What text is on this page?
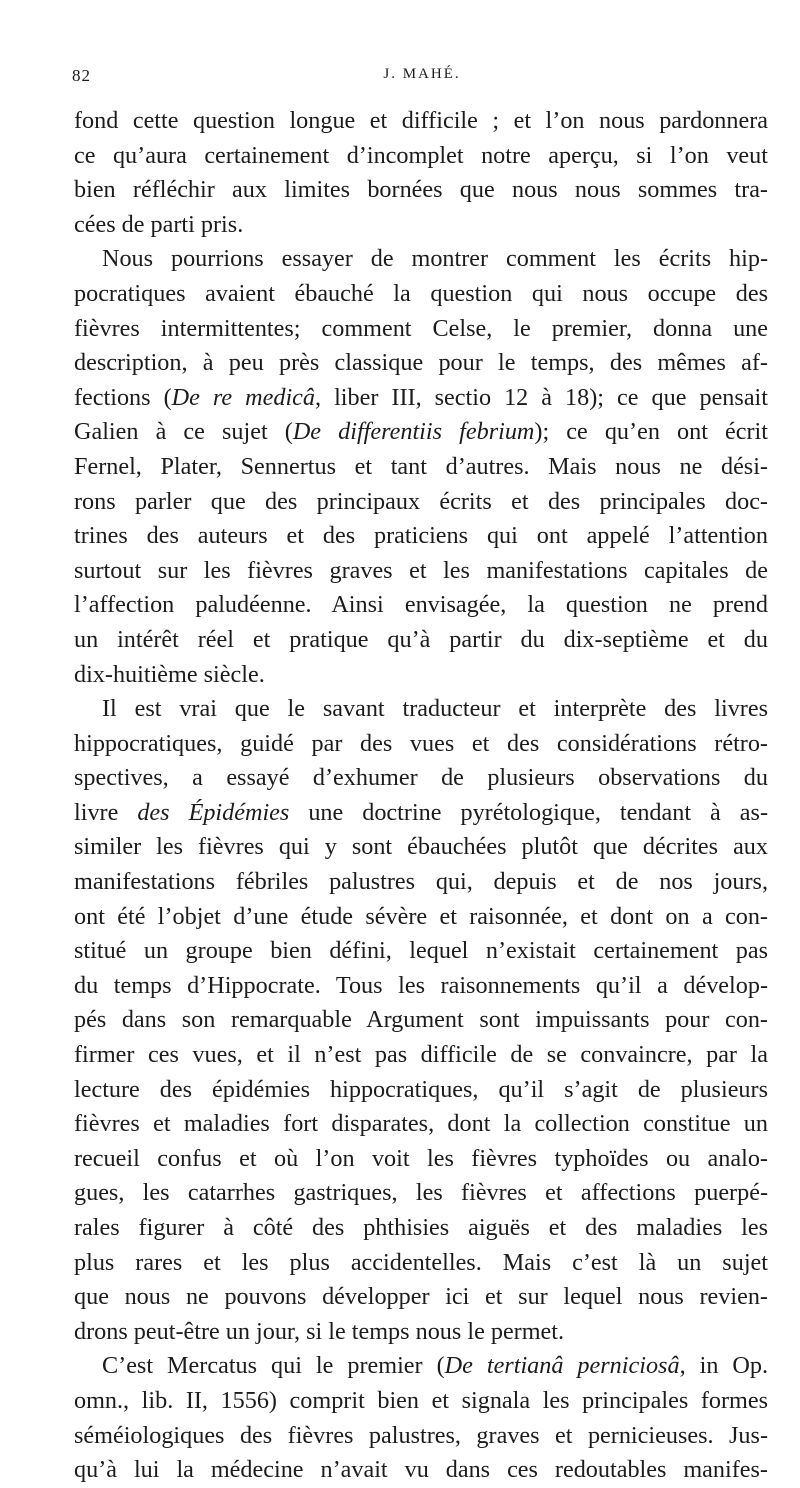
82	J. MAHÉ.
fond cette question longue et difficile ; et l’on nous pardonnera
ce qu’aura certainement d’incomplet notre aperçu, si l’on veut
bien réfléchir aux limites bornées que nous nous sommes tra-
cées de parti pris.
Nous pourrions essayer de montrer comment les écrits hip-
pocratiques avaient ébauché la question qui nous occupe des
fièvres intermittentes; comment Celse, le premier, donna une
description, à peu près classique pour le temps, des mêmes af-
fections (De re medicâ, liber III, sectio 12 à 18); ce que pensait
Galien à ce sujet (De differentiis febrium); ce qu’en ont écrit
Fernel, Plater, Sennertus et tant d’autres. Mais nous ne dési-
rons parler que des principaux écrits et des principales doc-
trines des auteurs et des praticiens qui ont appelé l’attention
surtout sur les fièvres graves et les manifestations capitales de
l’affection paludéenne. Ainsi envisagée, la question ne prend
un intérêt réel et pratique qu’à partir du dix-septième et du
dix-huitième siècle.
Il est vrai que le savant traducteur et interprète des livres
hippocratiques, guidé par des vues et des considérations rétro-
spectives, a essayé d’exhumer de plusieurs observations du
livre des Épidémies une doctrine pyrétologique, tendant à as-
similer les fièvres qui y sont ébauchées plutôt que décrites aux
manifestations fébriles palustres qui, depuis et de nos jours,
ont été l’objet d’une étude sévère et raisonnée, et dont on a con-
stitué un groupe bien défini, lequel n’existait certainement pas
du temps d’Hippocrate. Tous les raisonnements qu’il a dévelop-
pés dans son remarquable Argument sont impuissants pour con-
firmer ces vues, et il n’est pas difficile de se convaincre, par la
lecture des épidémies hippocratiques, qu’il s’agit de plusieurs
fièvres et maladies fort disparates, dont la collection constitue un
recueil confus et où l’on voit les fièvres typhoïdes ou analo-
gues, les catarrhes gastriques, les fièvres et affections puerpé-
rales figurer à côté des phthisies aiguës et des maladies les
plus rares et les plus accidentelles. Mais c’est là un sujet
que nous ne pouvons développer ici et sur lequel nous revien-
drons peut-être un jour, si le temps nous le permet.
C’est Mercatus qui le premier (De tertianâ perniciosâ, in Op.
omn., lib. II, 1556) comprit bien et signala les principales formes
séméiologiques des fièvres palustres, graves et pernicieuses. Jus-
qu’à lui la médecine n’avait vu dans ces redoutables manifes-
